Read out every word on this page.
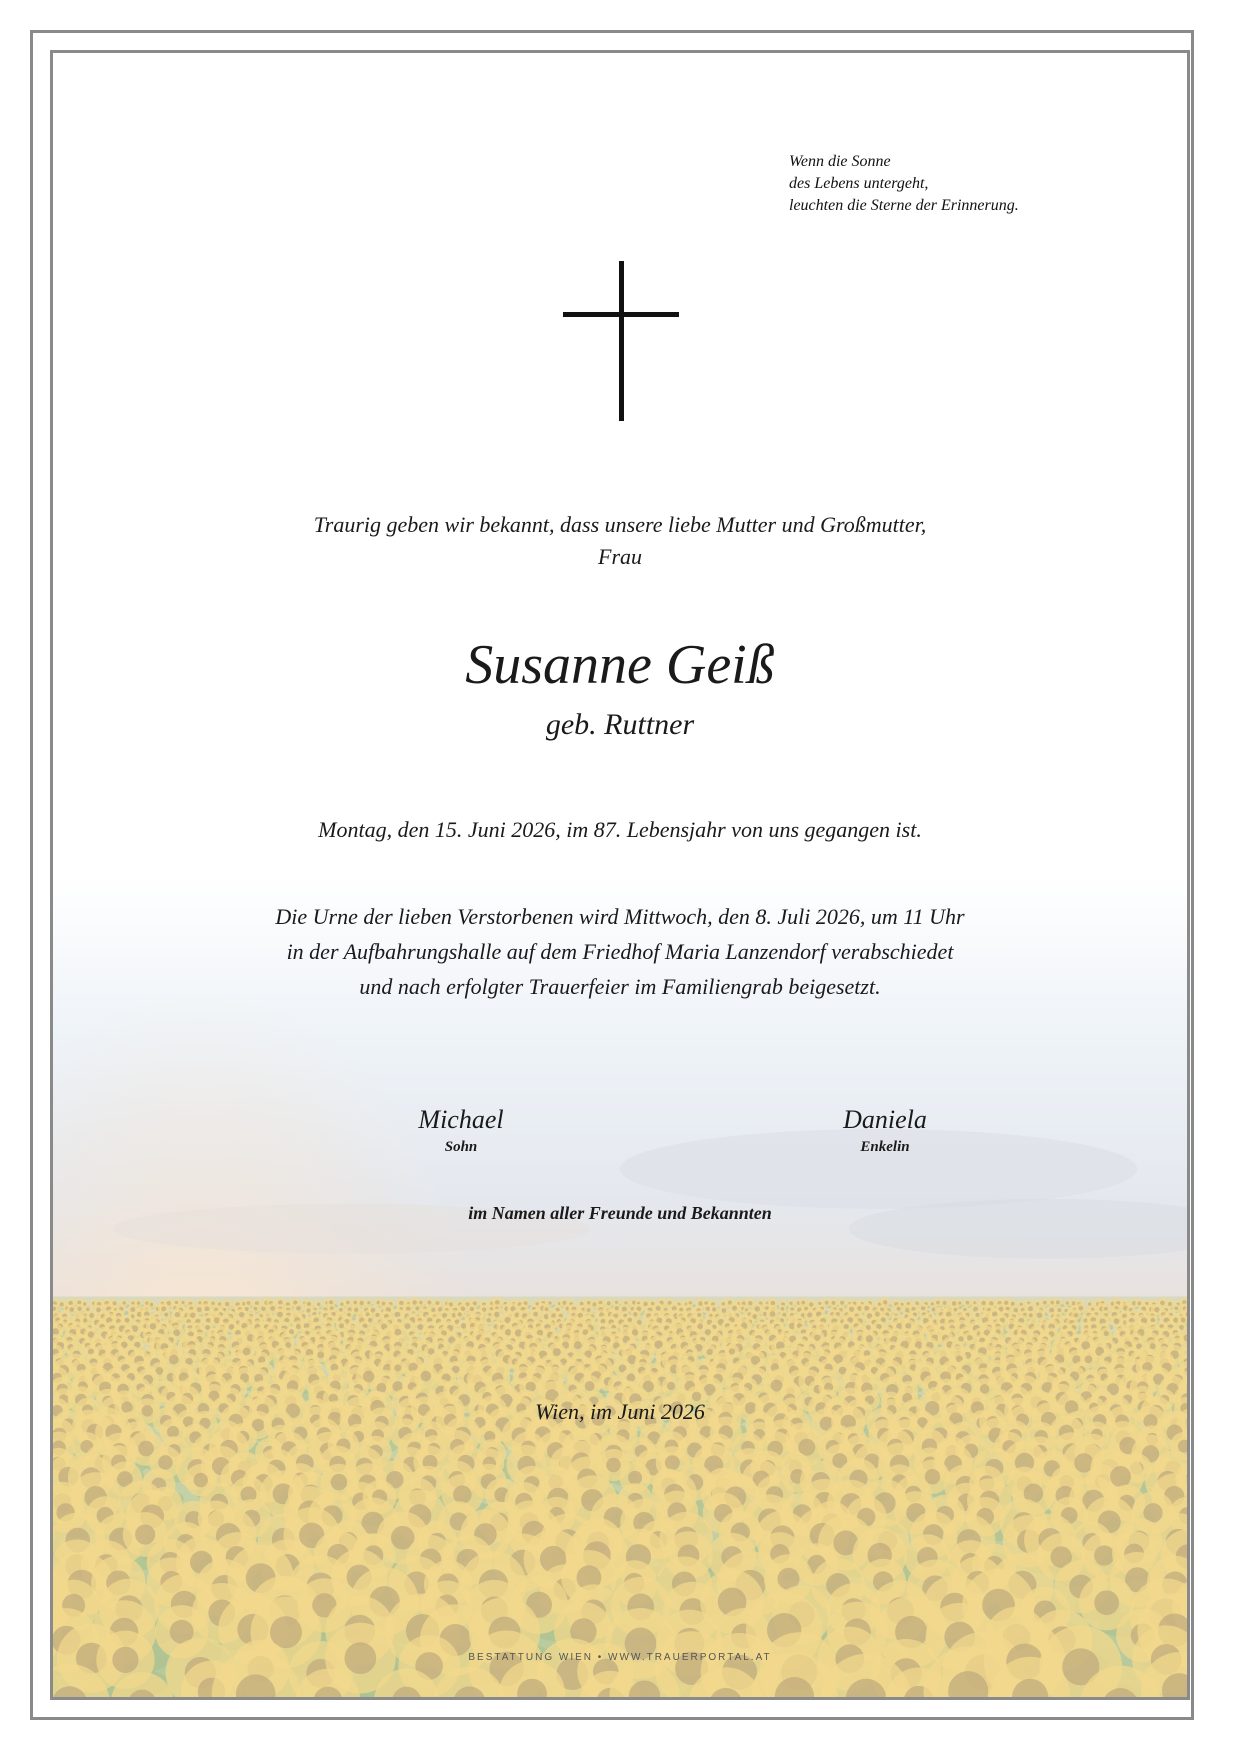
Wenn die Sonne
des Lebens untergeht,
leuchten die Sterne der Erinnerung.
Traurig geben wir bekannt, dass unsere liebe Mutter und Großmutter,
Frau
Susanne Geiß
geb. Ruttner
Montag, den 15. Juni 2026, im 87. Lebensjahr von uns gegangen ist.
Die Urne der lieben Verstorbenen wird Mittwoch, den 8. Juli 2026, um 11 Uhr
in der Aufbahrungshalle auf dem Friedhof Maria Lanzendorf verabschiedet
und nach erfolgter Trauerfeier im Familiengrab beigesetzt.
Michael
Sohn
Daniela
Enkelin
im Namen aller Freunde und Bekannten
Wien, im Juni 2026
BESTATTUNG WIEN • WWW.TRAUERPORTAL.AT
